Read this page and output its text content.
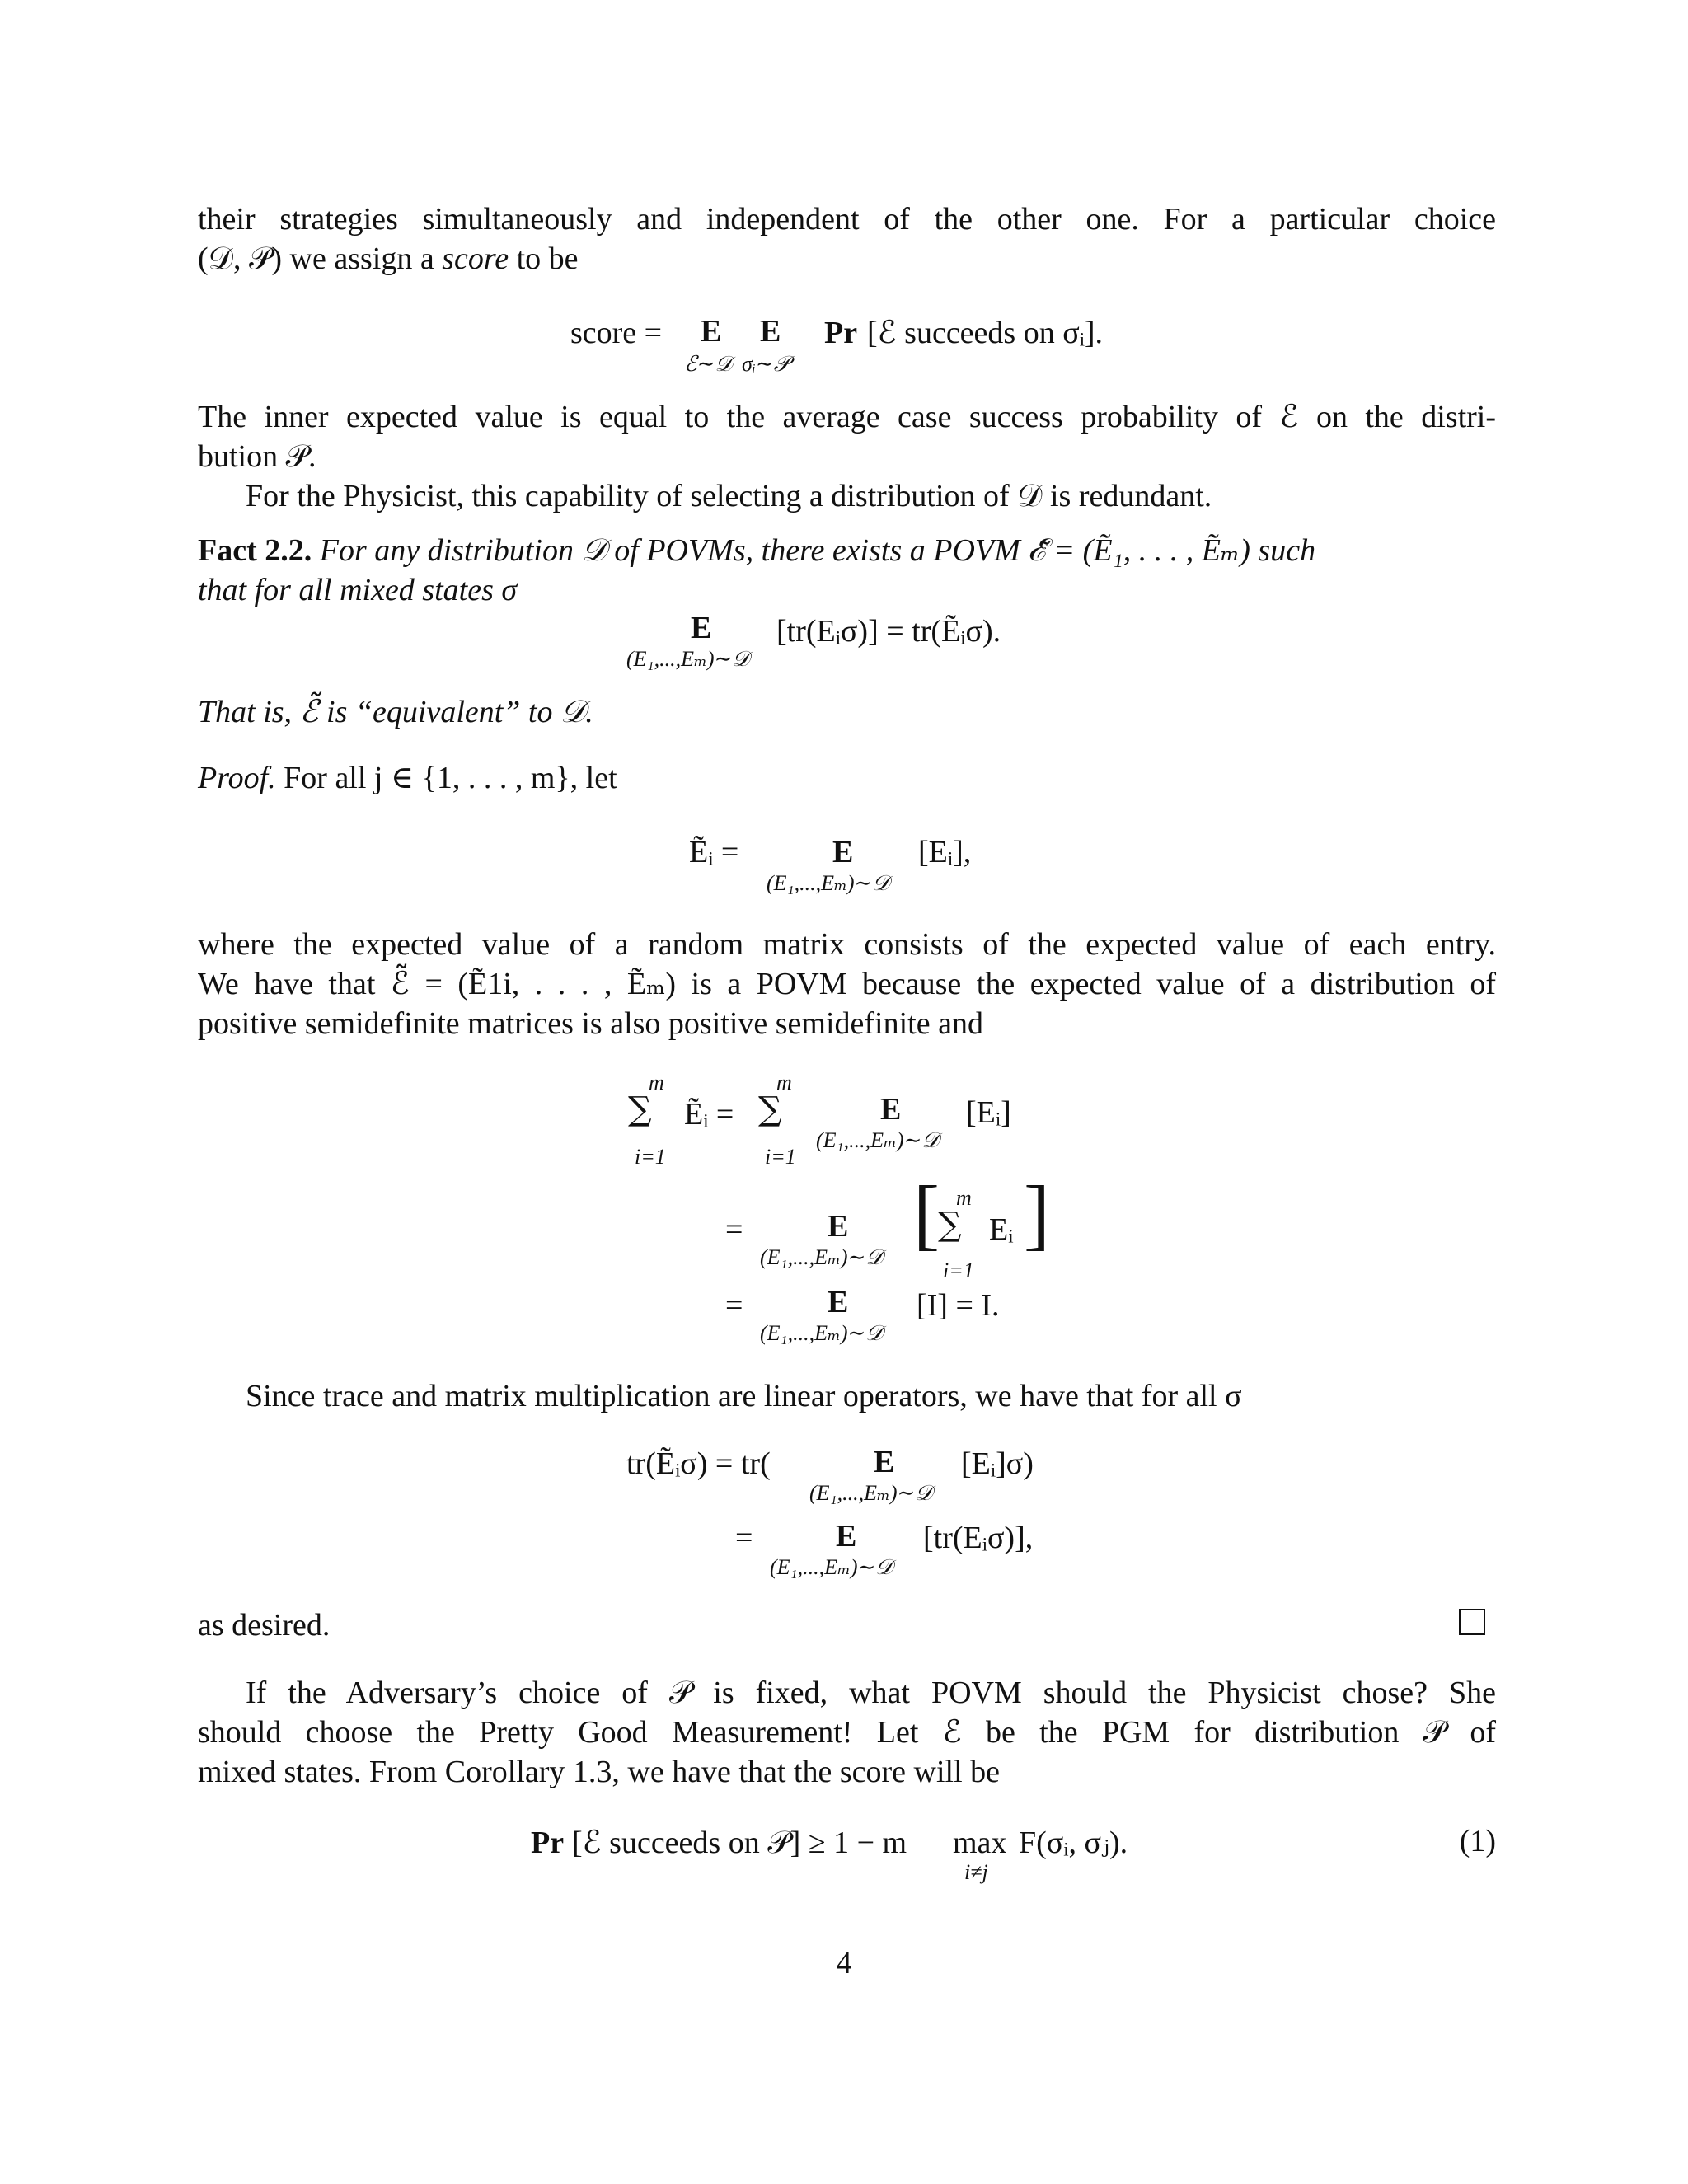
their strategies simultaneously and independent of the other one. For a particular choice
(𝒟, 𝒫) we assign a score to be
score = E E
ℰ∼𝒟 σᵢ∼𝒫
Pr [ℰ succeeds on σᵢ].
The inner expected value is equal to the average case success probability of ℰ on the distri-
bution 𝒫.
For the Physicist, this capability of selecting a distribution of 𝒟 is redundant.
Fact 2.2. For any distribution 𝒟 of POVMs, there exists a POVM ℰ̃ = (Ẽ₁, . . . , Ẽₘ) such
that for all mixed states σ
E
(E₁,...,Eₘ)∼𝒟
[tr(Eᵢσ)] = tr(Ẽᵢσ).
That is, ℰ̃ is “equivalent” to 𝒟.
Proof. For all j ∈ {1, . . . , m}, let
Ẽᵢ =	E
(E₁,...,Eₘ)∼𝒟
[Eᵢ],
where the expected value of a random matrix consists of the expected value of each entry.
We have that ℰ̃ = (Ẽ1i, . . . , Ẽₘ) is a POVM because the expected value of a distribution of
positive semidefinite matrices is also positive semidefinite and
m
∑
i=1
Ẽᵢ =
m
∑
i=1
E
(E₁,...,Eₘ)∼𝒟
[Eᵢ]
=	E
(E₁,...,Eₘ)∼𝒟 [ m
∑
i=1
Eᵢ ]
=	E
(E₁,...,Eₘ)∼𝒟
[I] = I.
Since trace and matrix multiplication are linear operators, we have that for all σ
tr(Ẽᵢσ) = tr(	E
(E₁,...,Eₘ)∼𝒟
[Eᵢ]σ)
=	E
(E₁,...,Eₘ)∼𝒟
[tr(Eᵢσ)],
as desired.
If the Adversary’s choice of 𝒫 is fixed, what POVM should the Physicist chose? She
should choose the Pretty Good Measurement! Let ℰ be the PGM for distribution 𝒫 of
mixed states. From Corollary 1.3, we have that the score will be
Pr [ℰ succeeds on 𝒫] ≥ 1 − m max
i≠j
F(σᵢ, σⱼ).	(1)
4
